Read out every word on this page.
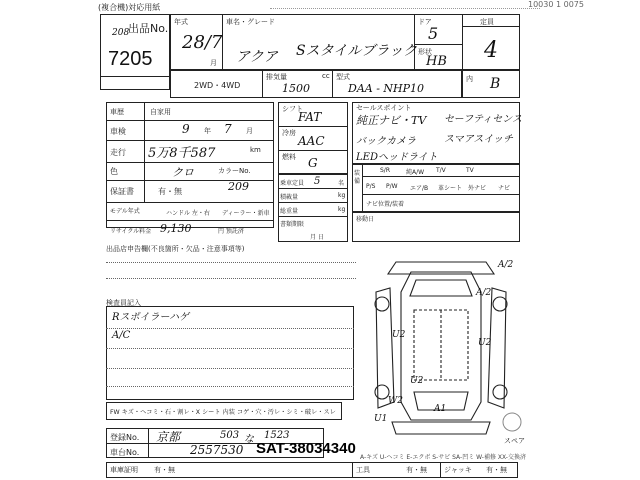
(複合機)対応用紙	10030 1 0075
出品No.
208
7205
年式
28/7
月
車名・グレード
アクア Sスタイルブラック
ドア
5
形状
HB
定員
4
内 B
2WD・4WD
排気量	cc
1500
型式
DAA - NHP10
車歴	自家用
車検	9 年 7 月
走行 5万8千587	km
色	クロ	カラーNo.
209
保証書	有・無
モデル年式	ハンドル 左・右 ディーラー・新車
リサイクル料金 9,130	円 預託済
シフト
FAT
冷房
AAC
燃料 G
乗車定員 5	名
積載量	kg
総重量	kg
書類期限
月 日
セールスポイント
純正ナビ・TV セーフティセンス
バックカメラ	スマアスイッチ
LEDヘッドライト
装備
S/R	純A/W T/V	TV
P/S P/W エア/B 革シート 外ナビ ナビ
ナビ位置/装着
移動日
出品店申告欄(不良箇所・欠品・注意事項等)
検査員記入
Rスポイラーハゲ
A/C
FW キズ・ヘコミ・石・割レ・X シート 内装 コゲ・穴・汚レ・シミ・破レ・スレ
登録No. 京都	503 な 1523
車台No.	2557530
A-キズ U-ヘコミ E-エクボ S-サビ SA-凹ミ W-補修 XX-交換済
車庫証明 有・無	工具	有・無 ジャッキ 有・無
SAT-38034340
A/2
A/2
U2
U2
U2
W2
A1
U1
スペア
